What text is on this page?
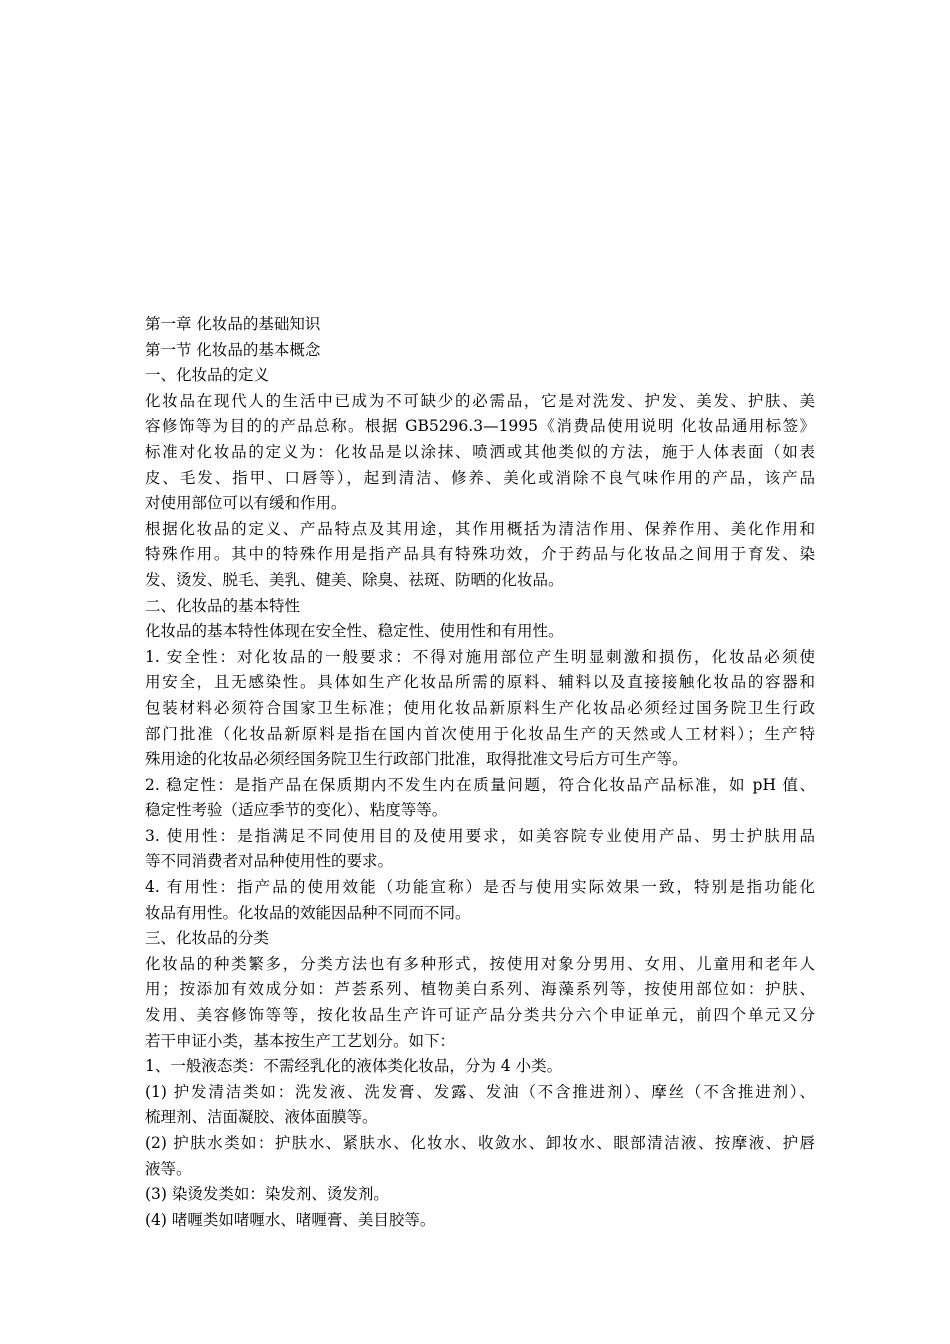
第一章 化妆品的基础知识
第一节 化妆品的基本概念
一、化妆品的定义
化妆品在现代人的生活中已成为不可缺少的必需品，它是对洗发、护发、美发、护肤、美
容修饰等为目的的产品总称。根据 GB5296.3—1995《消费品使用说明 化妆品通用标签》
标准对化妆品的定义为：化妆品是以涂抹、喷洒或其他类似的方法，施于人体表面（如表
皮、毛发、指甲、口唇等），起到清洁、修养、美化或消除不良气味作用的产品，该产品
对使用部位可以有缓和作用。
根据化妆品的定义、产品特点及其用途，其作用概括为清洁作用、保养作用、美化作用和
特殊作用。其中的特殊作用是指产品具有特殊功效，介于药品与化妆品之间用于育发、染
发、烫发、脱毛、美乳、健美、除臭、祛斑、防晒的化妆品。
二、化妆品的基本特性
化妆品的基本特性体现在安全性、稳定性、使用性和有用性。
1. 安全性：对化妆品的一般要求：不得对施用部位产生明显刺激和损伤，化妆品必须使
用安全，且无感染性。具体如生产化妆品所需的原料、辅料以及直接接触化妆品的容器和
包装材料必须符合国家卫生标准；使用化妆品新原料生产化妆品必须经过国务院卫生行政
部门批准（化妆品新原料是指在国内首次使用于化妆品生产的天然或人工材料）；生产特
殊用途的化妆品必须经国务院卫生行政部门批准，取得批准文号后方可生产等。
2. 稳定性：是指产品在保质期内不发生内在质量问题，符合化妆品产品标准，如 pH 值、
稳定性考验（适应季节的变化）、粘度等等。
3. 使用性：是指满足不同使用目的及使用要求，如美容院专业使用产品、男士护肤用品
等不同消费者对品种使用性的要求。
4. 有用性：指产品的使用效能（功能宣称）是否与使用实际效果一致，特别是指功能化
妆品有用性。化妆品的效能因品种不同而不同。
三、化妆品的分类
化妆品的种类繁多，分类方法也有多种形式，按使用对象分男用、女用、儿童用和老年人
用；按添加有效成分如：芦荟系列、植物美白系列、海藻系列等，按使用部位如：护肤、
发用、美容修饰等等，按化妆品生产许可证产品分类共分六个申证单元，前四个单元又分
若干申证小类，基本按生产工艺划分。如下：
1、一般液态类：不需经乳化的液体类化妆品，分为 4 小类。
(1) 护发清洁类如：洗发液、洗发膏、发露、发油（不含推进剂）、摩丝（不含推进剂）、
梳理剂、洁面凝胶、液体面膜等。
(2) 护肤水类如：护肤水、紧肤水、化妆水、收敛水、卸妆水、眼部清洁液、按摩液、护唇
液等。
(3) 染烫发类如：染发剂、烫发剂。
(4) 啫喱类如啫喱水、啫喱膏、美目胶等。
